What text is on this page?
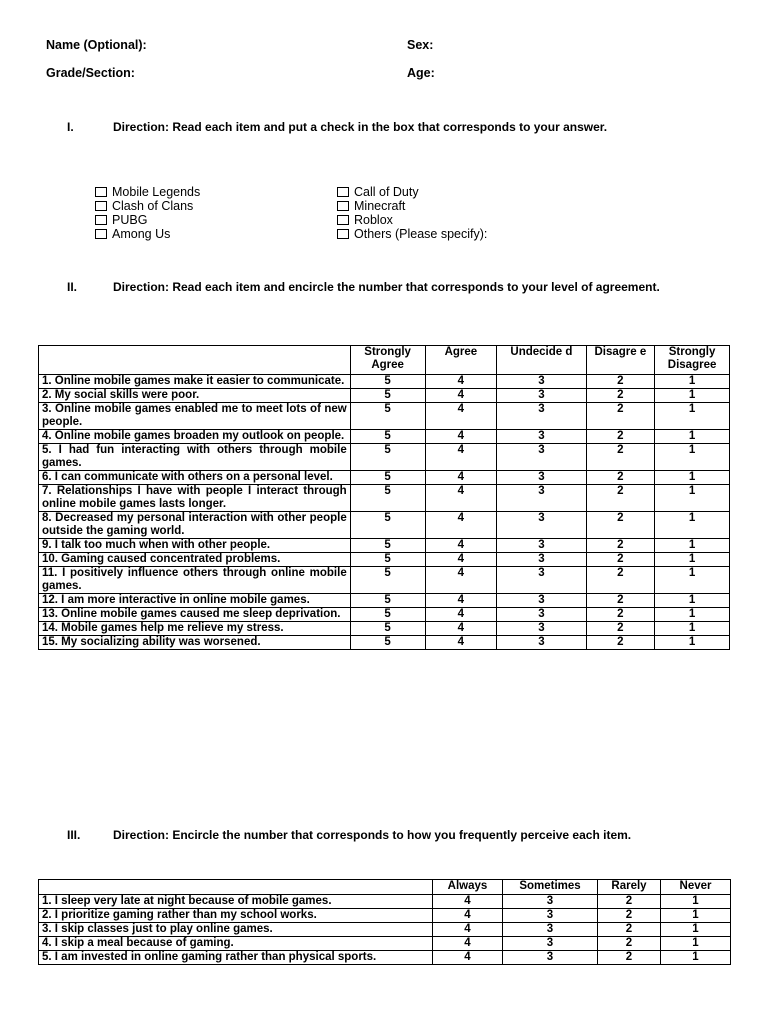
Name (Optional):	Sex:
Grade/Section:	Age:
I.	Direction: Read each item and put a check in the box that corresponds to your answer.
Mobile Legends
Clash of Clans
PUBG
Among Us
Call of Duty
Minecraft
Roblox
Others (Please specify):
II.	Direction: Read each item and encircle the number that corresponds to your level of agreement.
	Strongly Agree	Agree	Undecide d	Disagre e	Strongly Disagree
1. Online mobile games make it easier to communicate.	5	4	3	2	1
2. My social skills were poor.	5	4	3	2	1
3. Online mobile games enabled me to meet lots of new people.	5	4	3	2	1
4. Online mobile games broaden my outlook on people.	5	4	3	2	1
5. I had fun interacting with others through mobile games.	5	4	3	2	1
6. I can communicate with others on a personal level.	5	4	3	2	1
7. Relationships I have with people I interact through online mobile games lasts longer.	5	4	3	2	1
8. Decreased my personal interaction with other people outside the gaming world.	5	4	3	2	1
9. I talk too much when with other people.	5	4	3	2	1
10. Gaming caused concentrated problems.	5	4	3	2	1
11. I positively influence others through online mobile games.	5	4	3	2	1
12. I am more interactive in online mobile games.	5	4	3	2	1
13. Online mobile games caused me sleep deprivation.	5	4	3	2	1
14. Mobile games help me relieve my stress.	5	4	3	2	1
15. My socializing ability was worsened.	5	4	3	2	1
III.	Direction: Encircle the number that corresponds to how you frequently perceive each item.
	Always	Sometimes	Rarely	Never
1. I sleep very late at night because of mobile games.	4	3	2	1
2. I prioritize gaming rather than my school works.	4	3	2	1
3. I skip classes just to play online games.	4	3	2	1
4. I skip a meal because of gaming.	4	3	2	1
5. I am invested in online gaming rather than physical sports.	4	3	2	1
